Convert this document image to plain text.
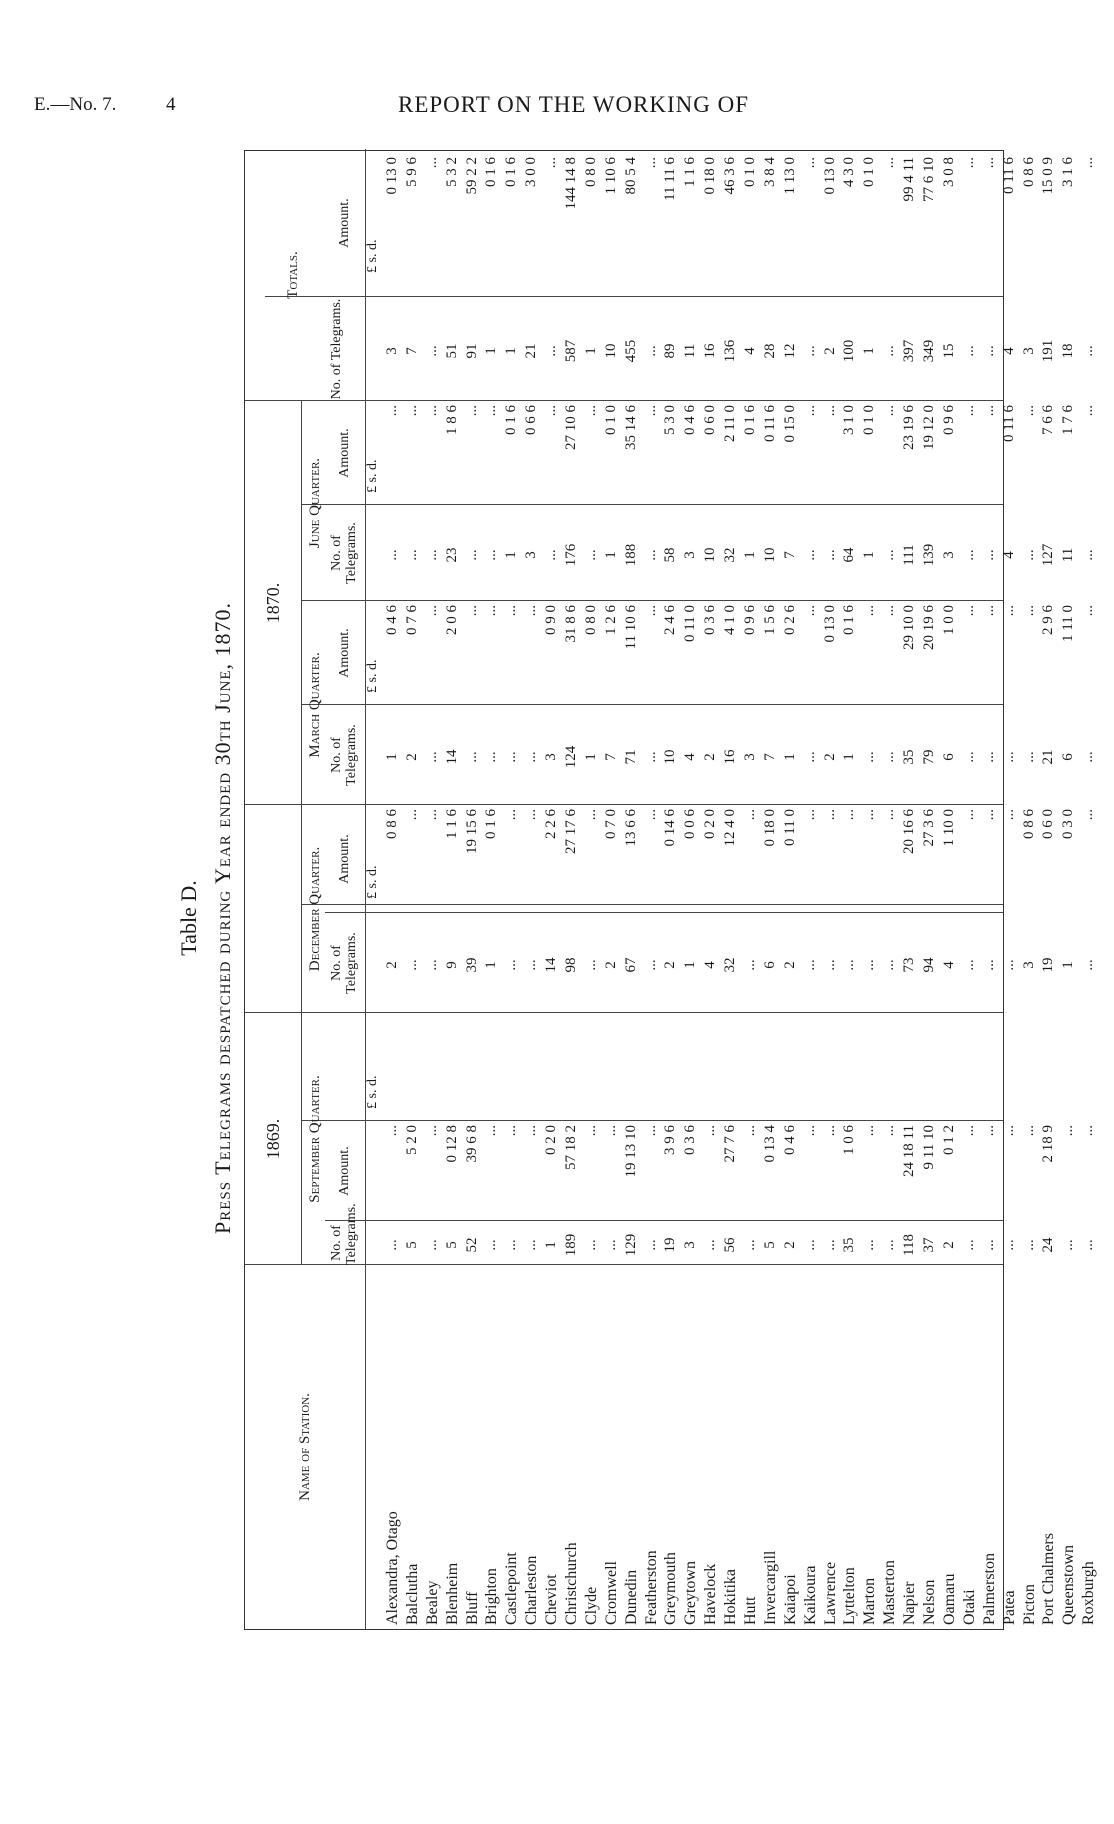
E.—No. 7.	4	REPORT ON THE WORKING OF
Table D. Press Telegrams despatched during Year ended 30th June, 1870.
Name of Station.
1869.
1870.
Totals.
September Quarter.
December Quarter.
March Quarter.
June Quarter.
No. of Telegrams.
Amount.
No. of Telegrams.
Amount.
No. of Telegrams.
Amount.
No. of Telegrams.
Amount.
No. of Telegrams.
Amount.
£ s. d.
£ s. d.
£ s. d.
£ s. d.
£ s. d.
Alexandra, Otago Balclutha Bealey Blenheim Bluff Brighton Castlepoint Charleston Cheviot Christchurch Clyde Cromwell Dunedin Featherston Greymouth Greytown Havelock Hokitika Hutt Invercargill Kaiapoi Kaikoura Lawrence Lyttelton Marton Masterton Napier Nelson Oamaru Otaki Palmerston Patea Picton Port Chalmers Queenstown Roxburgh
... 5 ... 5 52 ... ... ... 1 189 ... ... 129 ... 19 3 ... 56 ... 5 2 ... ... 35 ... ... 118 37 2 ... ... ... ... 24 ... ...
... 5 2 0 ... 0 12 8 39 6 8 ... ... ... 0 2 0 57 18 2 ... ... 19 13 10 ... 3 9 6 0 3 6 ... 27 7 6 ... 0 13 4 0 4 6 ... ... 1 0 6 ... ... 24 18 11 9 11 10 0 1 2 ... ... ... ... 2 18 9 ... ...
2 ... ... 9 39 1 ... ... 14 98 ... 2 67 ... 2 1 4 32 ... 6 2 ... ... ... ... ... 73 94 4 ... ... ... 3 19 1 ...
0 8 6 ... ... 1 1 6 19 15 6 0 1 6 ... ... 2 2 6 27 17 6 ... 0 7 0 13 6 6 ... 0 14 6 0 0 6 0 2 0 12 4 0 ... 0 18 0 0 11 0 ... ... ... ... ... 20 16 6 27 3 6 1 10 0 ... ... ... 0 8 6 0 6 0 0 3 0 ...
1 2 ... 14 ... ... ... ... 3 124 1 7 71 ... 10 4 2 16 3 7 1 ... 2 1 ... ... 35 79 6 ... ... ... ... 21 6 ...
0 4 6 0 7 6 ... 2 0 6 ... ... ... ... 0 9 0 31 8 6 0 8 0 1 2 6 11 10 6 ... 2 4 6 0 11 0 0 3 6 4 1 0 0 9 6 1 5 6 0 2 6 ... 0 13 0 0 1 6 ... ... 29 10 0 20 19 6 1 0 0 ... ... ... ... 2 9 6 1 11 0 ...
... ... ... 23 ... ... 1 3 ... 176 ... 1 188 ... 58 3 10 32 1 10 7 ... ... 64 1 ... 111 139 3 ... ... 4 ... 127 11 ...
... ... ... 1 8 6 ... ... 0 1 6 0 6 6 ... 27 10 6 ... 0 1 0 35 14 6 ... 5 3 0 0 4 6 0 6 0 2 11 0 0 1 6 0 11 6 0 15 0 ... ... 3 1 0 0 1 0 ... 23 19 6 19 12 0 0 9 6 ... ... 0 11 6 ... 7 6 6 1 7 6 ...
3 7 ... 51 91 1 1 21 ... 587 1 10 455 ... 89 11 16 136 4 28 12 ... 2 100 1 ... 397 349 15 ... ... 4 3 191 18 ...
0 13 0 5 9 6 ... 5 3 2 59 2 2 0 1 6 0 1 6 3 0 0 ... 144 14 8 0 8 0 1 10 6 80 5 4 ... 11 11 6 1 1 6 0 18 0 46 3 6 0 1 0 3 8 4 1 13 0 ... 0 13 0 4 3 0 0 1 0 ... 99 4 11 77 6 10 3 0 8 ... ... 0 11 6 0 8 6 15 0 9 3 1 6 ...
